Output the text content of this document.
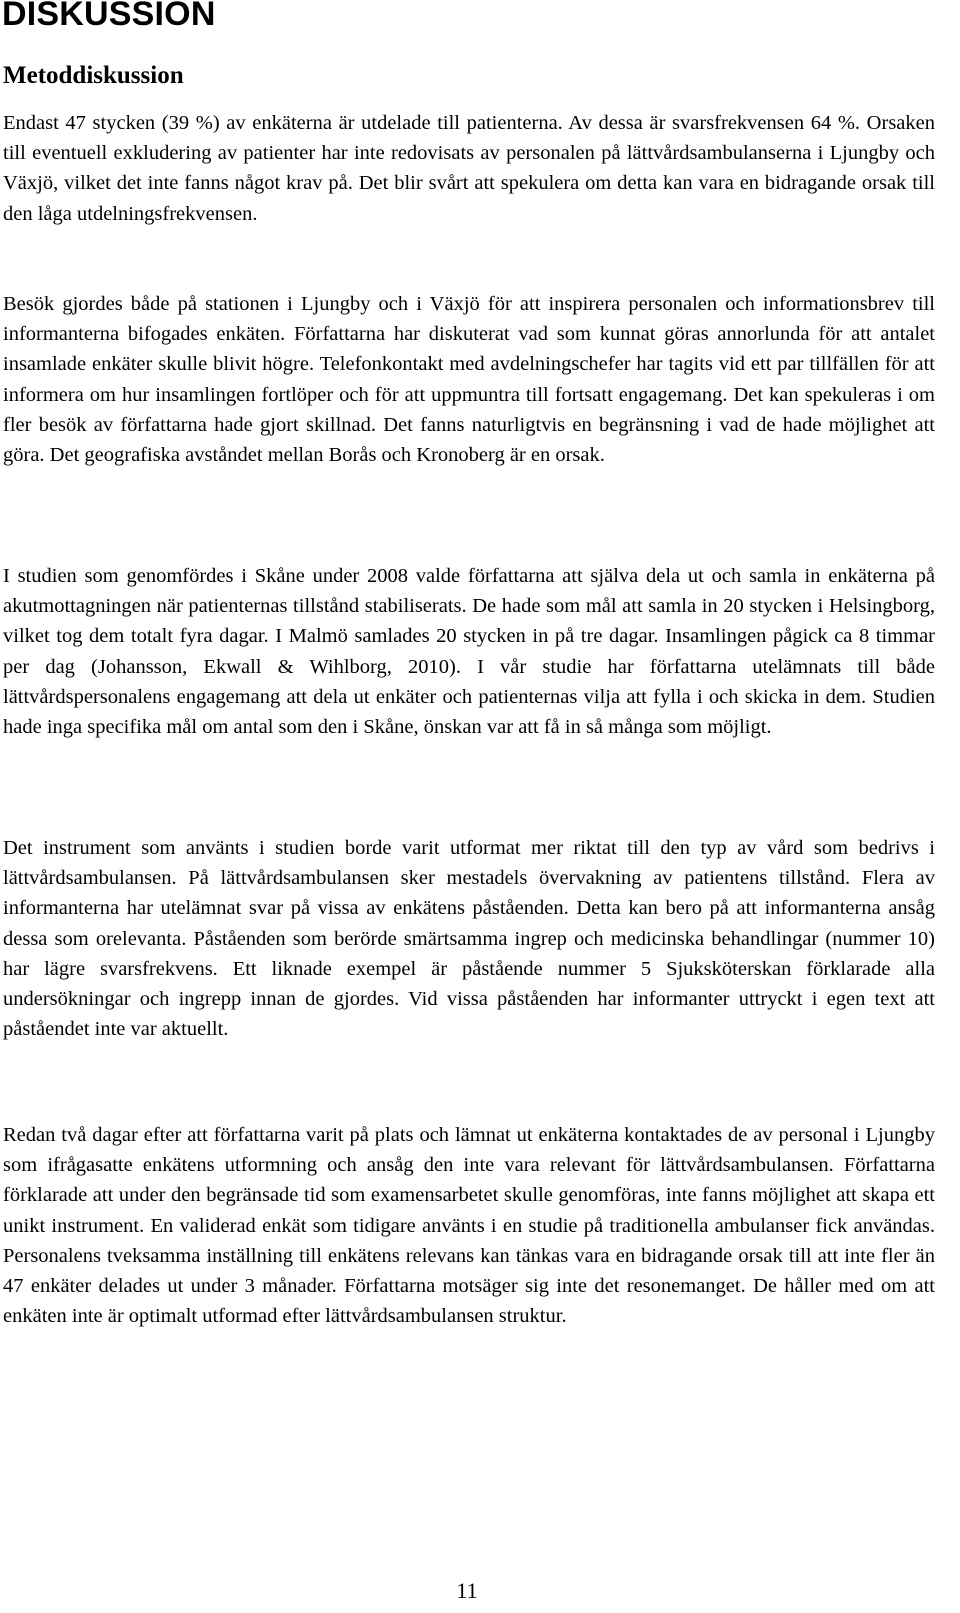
DISKUSSION
Metoddiskussion

Endast 47 stycken (39 %) av enkäterna är utdelade till patienterna. Av dessa är svarsfrekvensen 64 %. Orsaken till eventuell exkludering av patienter har inte redovisats av personalen på lättvårdsambulanserna i Ljungby och Växjö, vilket det inte fanns något krav på. Det blir svårt att spekulera om detta kan vara en bidragande orsak till den låga utdelningsfrekvensen.

Besök gjordes både på stationen i Ljungby och i Växjö för att inspirera personalen och informationsbrev till informanterna bifogades enkäten. Författarna har diskuterat vad som kunnat göras annorlunda för att antalet insamlade enkäter skulle blivit högre. Telefonkontakt med avdelningschefer har tagits vid ett par tillfällen för att informera om hur insamlingen fortlöper och för att uppmuntra till fortsatt engagemang. Det kan spekuleras i om fler besök av författarna hade gjort skillnad. Det fanns naturligtvis en begränsning i vad de hade möjlighet att göra. Det geografiska avståndet mellan Borås och Kronoberg är en orsak.

I studien som genomfördes i Skåne under 2008 valde författarna att själva dela ut och samla in enkäterna på akutmottagningen när patienternas tillstånd stabiliserats. De hade som mål att samla in 20 stycken i Helsingborg, vilket tog dem totalt fyra dagar. I Malmö samlades 20 stycken in på tre dagar. Insamlingen pågick ca 8 timmar per dag (Johansson, Ekwall & Wihlborg, 2010). I vår studie har författarna utelämnats till både lättvårdspersonalens engagemang att dela ut enkäter och patienternas vilja att fylla i och skicka in dem. Studien hade inga specifika mål om antal som den i Skåne, önskan var att få in så många som möjligt.

Det instrument som använts i studien borde varit utformat mer riktat till den typ av vård som bedrivs i lättvårdsambulansen. På lättvårdsambulansen sker mestadels övervakning av patientens tillstånd. Flera av informanterna har utelämnat svar på vissa av enkätens påståenden. Detta kan bero på att informanterna ansåg dessa som orelevanta. Påståenden som berörde smärtsamma ingrep och medicinska behandlingar (nummer 10) har lägre svarsfrekvens. Ett liknade exempel är påstående nummer 5 Sjuksköterskan förklarade alla undersökningar och ingrepp innan de gjordes. Vid vissa påståenden har informanter uttryckt i egen text att påståendet inte var aktuellt.

Redan två dagar efter att författarna varit på plats och lämnat ut enkäterna kontaktades de av personal i Ljungby som ifrågasatte enkätens utformning och ansåg den inte vara relevant för lättvårdsambulansen. Författarna förklarade att under den begränsade tid som examensarbetet skulle genomföras, inte fanns möjlighet att skapa ett unikt instrument. En validerad enkät som tidigare använts i en studie på traditionella ambulanser fick användas. Personalens tveksamma inställning till enkätens relevans kan tänkas vara en bidragande orsak till att inte fler än 47 enkäter delades ut under 3 månader. Författarna motsäger sig inte det resonemanget. De håller med om att enkäten inte är optimalt utformad efter lättvårdsambulansen struktur.

11
